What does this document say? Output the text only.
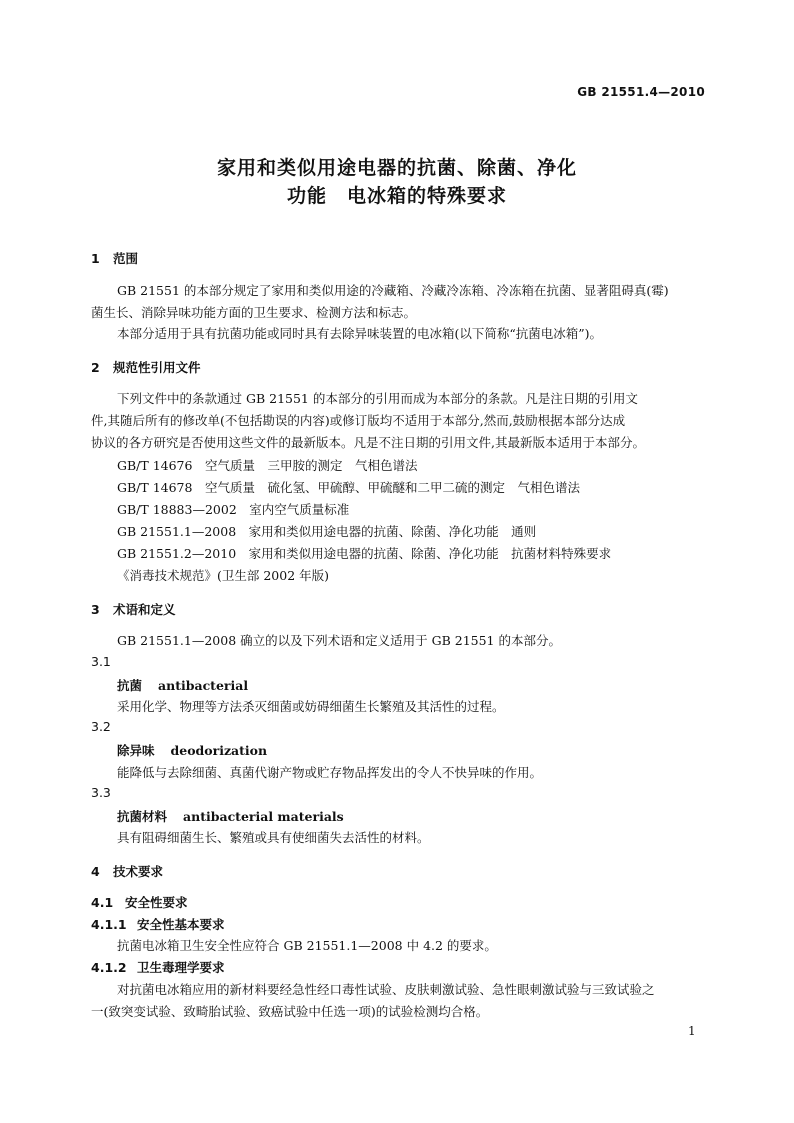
GB 21551.4—2010
家用和类似用途电器的抗菌、除菌、净化
功能　电冰箱的特殊要求
1 范围
GB 21551 的本部分规定了家用和类似用途的冷藏箱、冷藏冷冻箱、冷冻箱在抗菌、显著阻碍真(霉)
菌生长、消除异味功能方面的卫生要求、检测方法和标志。
本部分适用于具有抗菌功能或同时具有去除异味装置的电冰箱(以下简称“抗菌电冰箱”)。
2 规范性引用文件
下列文件中的条款通过 GB 21551 的本部分的引用而成为本部分的条款。凡是注日期的引用文
件,其随后所有的修改单(不包括勘误的内容)或修订版均不适用于本部分,然而,鼓励根据本部分达成
协议的各方研究是否使用这些文件的最新版本。凡是不注日期的引用文件,其最新版本适用于本部分。
GB/T 14676　空气质量　三甲胺的测定　气相色谱法
GB/T 14678　空气质量　硫化氢、甲硫醇、甲硫醚和二甲二硫的测定　气相色谱法
GB/T 18883—2002　室内空气质量标准
GB 21551.1—2008　家用和类似用途电器的抗菌、除菌、净化功能　通则
GB 21551.2—2010　家用和类似用途电器的抗菌、除菌、净化功能　抗菌材料特殊要求
《消毒技术规范》(卫生部 2002 年版)
3 术语和定义
GB 21551.1—2008 确立的以及下列术语和定义适用于 GB 21551 的本部分。
3.1
抗菌 antibacterial
采用化学、物理等方法杀灭细菌或妨碍细菌生长繁殖及其活性的过程。
3.2
除异味 deodorization
能降低与去除细菌、真菌代谢产物或贮存物品挥发出的令人不快异味的作用。
3.3
抗菌材料 antibacterial materials
具有阻碍细菌生长、繁殖或具有使细菌失去活性的材料。
4 技术要求
4.1 安全性要求
4.1.1 安全性基本要求
抗菌电冰箱卫生安全性应符合 GB 21551.1—2008 中 4.2 的要求。
4.1.2 卫生毒理学要求
对抗菌电冰箱应用的新材料要经急性经口毒性试验、皮肤刺激试验、急性眼刺激试验与三致试验之
一(致突变试验、致畸胎试验、致癌试验中任选一项)的试验检测均合格。
1
